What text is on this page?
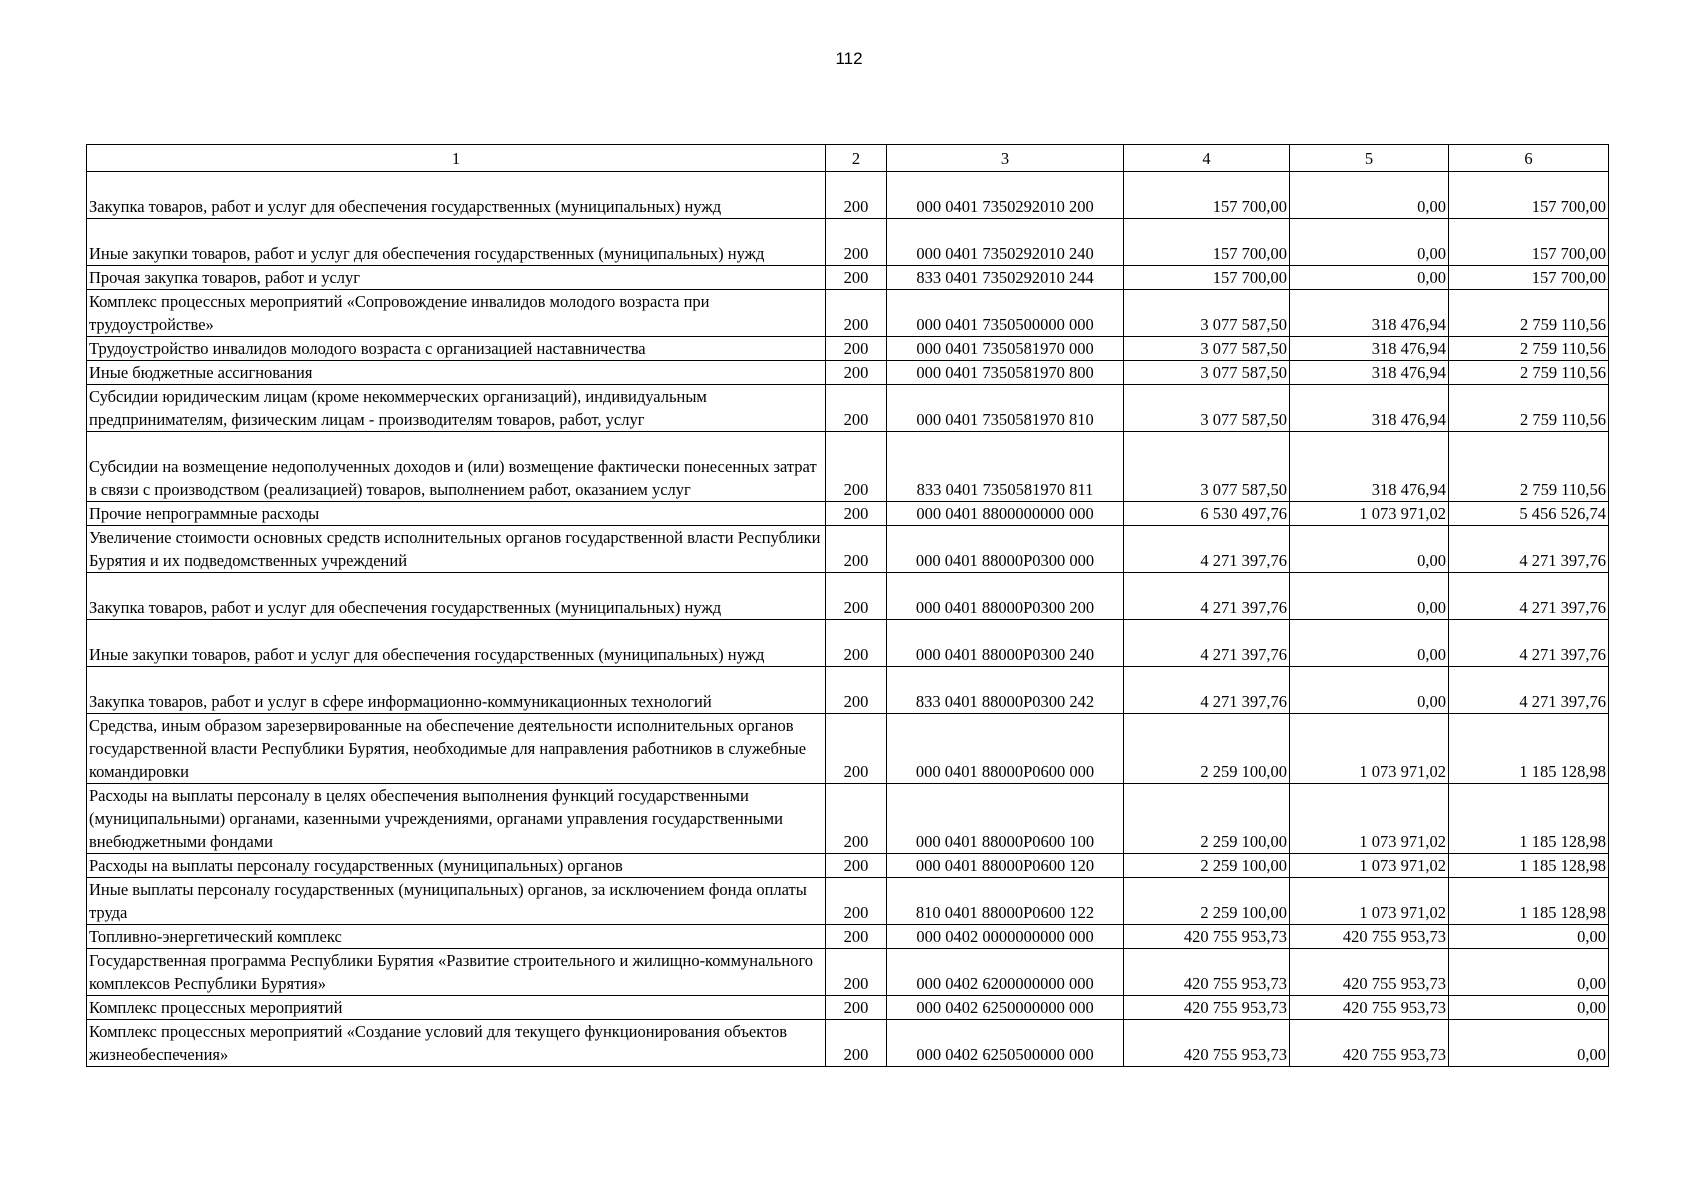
112
1	2	3	4	5	6
Закупка товаров, работ и услуг для обеспечения государственных (муниципальных) нужд	200	000 0401 7350292010 200	157 700,00	0,00	157 700,00
Иные закупки товаров, работ и услуг для обеспечения государственных (муниципальных) нужд	200	000 0401 7350292010 240	157 700,00	0,00	157 700,00
Прочая закупка товаров, работ и услуг	200	833 0401 7350292010 244	157 700,00	0,00	157 700,00
Комплекс процессных мероприятий «Сопровождение инвалидов молодого возраста при трудоустройстве»	200	000 0401 7350500000 000	3 077 587,50	318 476,94	2 759 110,56
Трудоустройство инвалидов молодого возраста с организацией наставничества	200	000 0401 7350581970 000	3 077 587,50	318 476,94	2 759 110,56
Иные бюджетные ассигнования	200	000 0401 7350581970 800	3 077 587,50	318 476,94	2 759 110,56
Субсидии юридическим лицам (кроме некоммерческих организаций), индивидуальным предпринимателям, физическим лицам - производителям товаров, работ, услуг	200	000 0401 7350581970 810	3 077 587,50	318 476,94	2 759 110,56
Субсидии на возмещение недополученных доходов и (или) возмещение фактически понесенных затрат в связи с производством (реализацией) товаров, выполнением работ, оказанием услуг	200	833 0401 7350581970 811	3 077 587,50	318 476,94	2 759 110,56
Прочие непрограммные расходы	200	000 0401 8800000000 000	6 530 497,76	1 073 971,02	5 456 526,74
Увеличение стоимости основных средств исполнительных органов государственной власти Республики Бурятия и их подведомственных учреждений	200	000 0401 88000P0300 000	4 271 397,76	0,00	4 271 397,76
Закупка товаров, работ и услуг для обеспечения государственных (муниципальных) нужд	200	000 0401 88000P0300 200	4 271 397,76	0,00	4 271 397,76
Иные закупки товаров, работ и услуг для обеспечения государственных (муниципальных) нужд	200	000 0401 88000P0300 240	4 271 397,76	0,00	4 271 397,76
Закупка товаров, работ и услуг в сфере информационно-коммуникационных технологий	200	833 0401 88000P0300 242	4 271 397,76	0,00	4 271 397,76
Средства, иным образом зарезервированные на обеспечение деятельности исполнительных органов государственной власти Республики Бурятия, необходимые для направления работников в служебные командировки	200	000 0401 88000P0600 000	2 259 100,00	1 073 971,02	1 185 128,98
Расходы на выплаты персоналу в целях обеспечения выполнения функций государственными (муниципальными) органами, казенными учреждениями, органами управления государственными внебюджетными фондами	200	000 0401 88000P0600 100	2 259 100,00	1 073 971,02	1 185 128,98
Расходы на выплаты персоналу государственных (муниципальных) органов	200	000 0401 88000P0600 120	2 259 100,00	1 073 971,02	1 185 128,98
Иные выплаты персоналу государственных (муниципальных) органов, за исключением фонда оплаты труда	200	810 0401 88000P0600 122	2 259 100,00	1 073 971,02	1 185 128,98
Топливно-энергетический комплекс	200	000 0402 0000000000 000	420 755 953,73	420 755 953,73	0,00
Государственная программа Республики Бурятия «Развитие строительного и жилищно-коммунального комплексов Республики Бурятия»	200	000 0402 6200000000 000	420 755 953,73	420 755 953,73	0,00
Комплекс процессных мероприятий	200	000 0402 6250000000 000	420 755 953,73	420 755 953,73	0,00
Комплекс процессных мероприятий «Создание условий для текущего функционирования объектов жизнеобеспечения»	200	000 0402 6250500000 000	420 755 953,73	420 755 953,73	0,00
